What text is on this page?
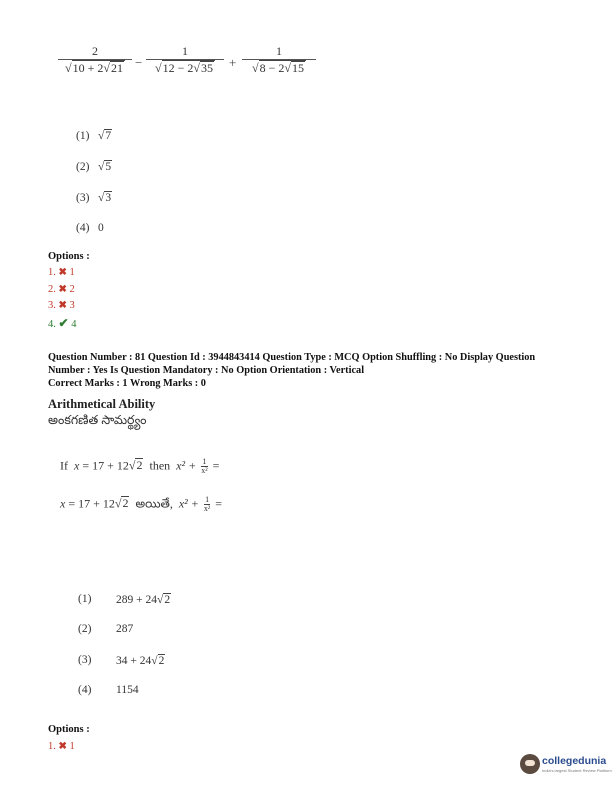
2
√10 + 2√21 −
1
√12 − 2√35	+
1
√8 − 2√15
(1) √7
(2) √5
(3) √3
(4) 0
Options :
1. ✖ 1
2. ✖ 2
3. ✖ 3
4. ✔ 4
Question Number : 81 Question Id : 3944843414 Question Type : MCQ Option Shuffling : No Display Question
Number : Yes Is Question Mandatory : No Option Orientation : Vertical
Correct Marks : 1 Wrong Marks : 0
Arithmetical Ability
అంకగణిత సామర్థ్యం
If x = 17 + 12√2 then $x^2 + \frac{1}{\text{x²}}$ =
x = 17 + 12√2 అయితే, $x^2 + \frac{1}{\text{x²}}$ =
(1) 289 + 24√2
(2) 287
(3) 34 + 24√2
(4) 1154
Options :
1. ✖ 1
collegedunia
India's largest Student Review Platform
